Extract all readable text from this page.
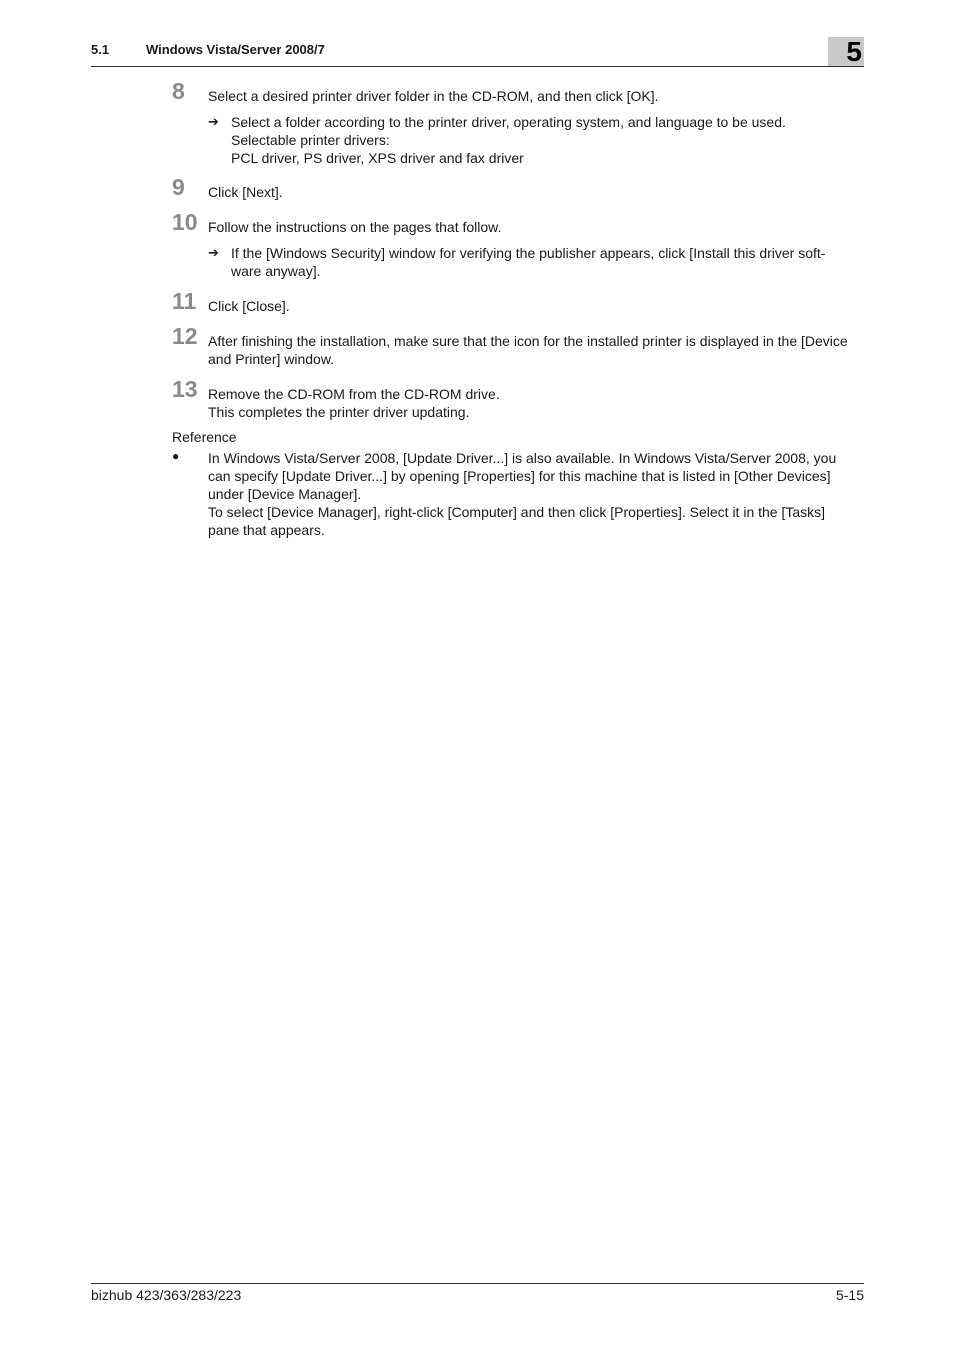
5.1	Windows Vista/Server 2008/7	5
8 Select a desired printer driver folder in the CD-ROM, and then click [OK].
➔ Select a folder according to the printer driver, operating system, and language to be used.
Selectable printer drivers:
PCL driver, PS driver, XPS driver and fax driver
9 Click [Next].
10 Follow the instructions on the pages that follow.
➔ If the [Windows Security] window for verifying the publisher appears, click [Install this driver soft-
ware anyway].
11 Click [Close].
12 After finishing the installation, make sure that the icon for the installed printer is displayed in the [Device
and Printer] window.
13 Remove the CD-ROM from the CD-ROM drive.
This completes the printer driver updating.
Reference
● In Windows Vista/Server 2008, [Update Driver...] is also available. In Windows Vista/Server 2008, you
can specify [Update Driver...] by opening [Properties] for this machine that is listed in [Other Devices]
under [Device Manager].
To select [Device Manager], right-click [Computer] and then click [Properties]. Select it in the [Tasks]
pane that appears.
bizhub 423/363/283/223	5-15
